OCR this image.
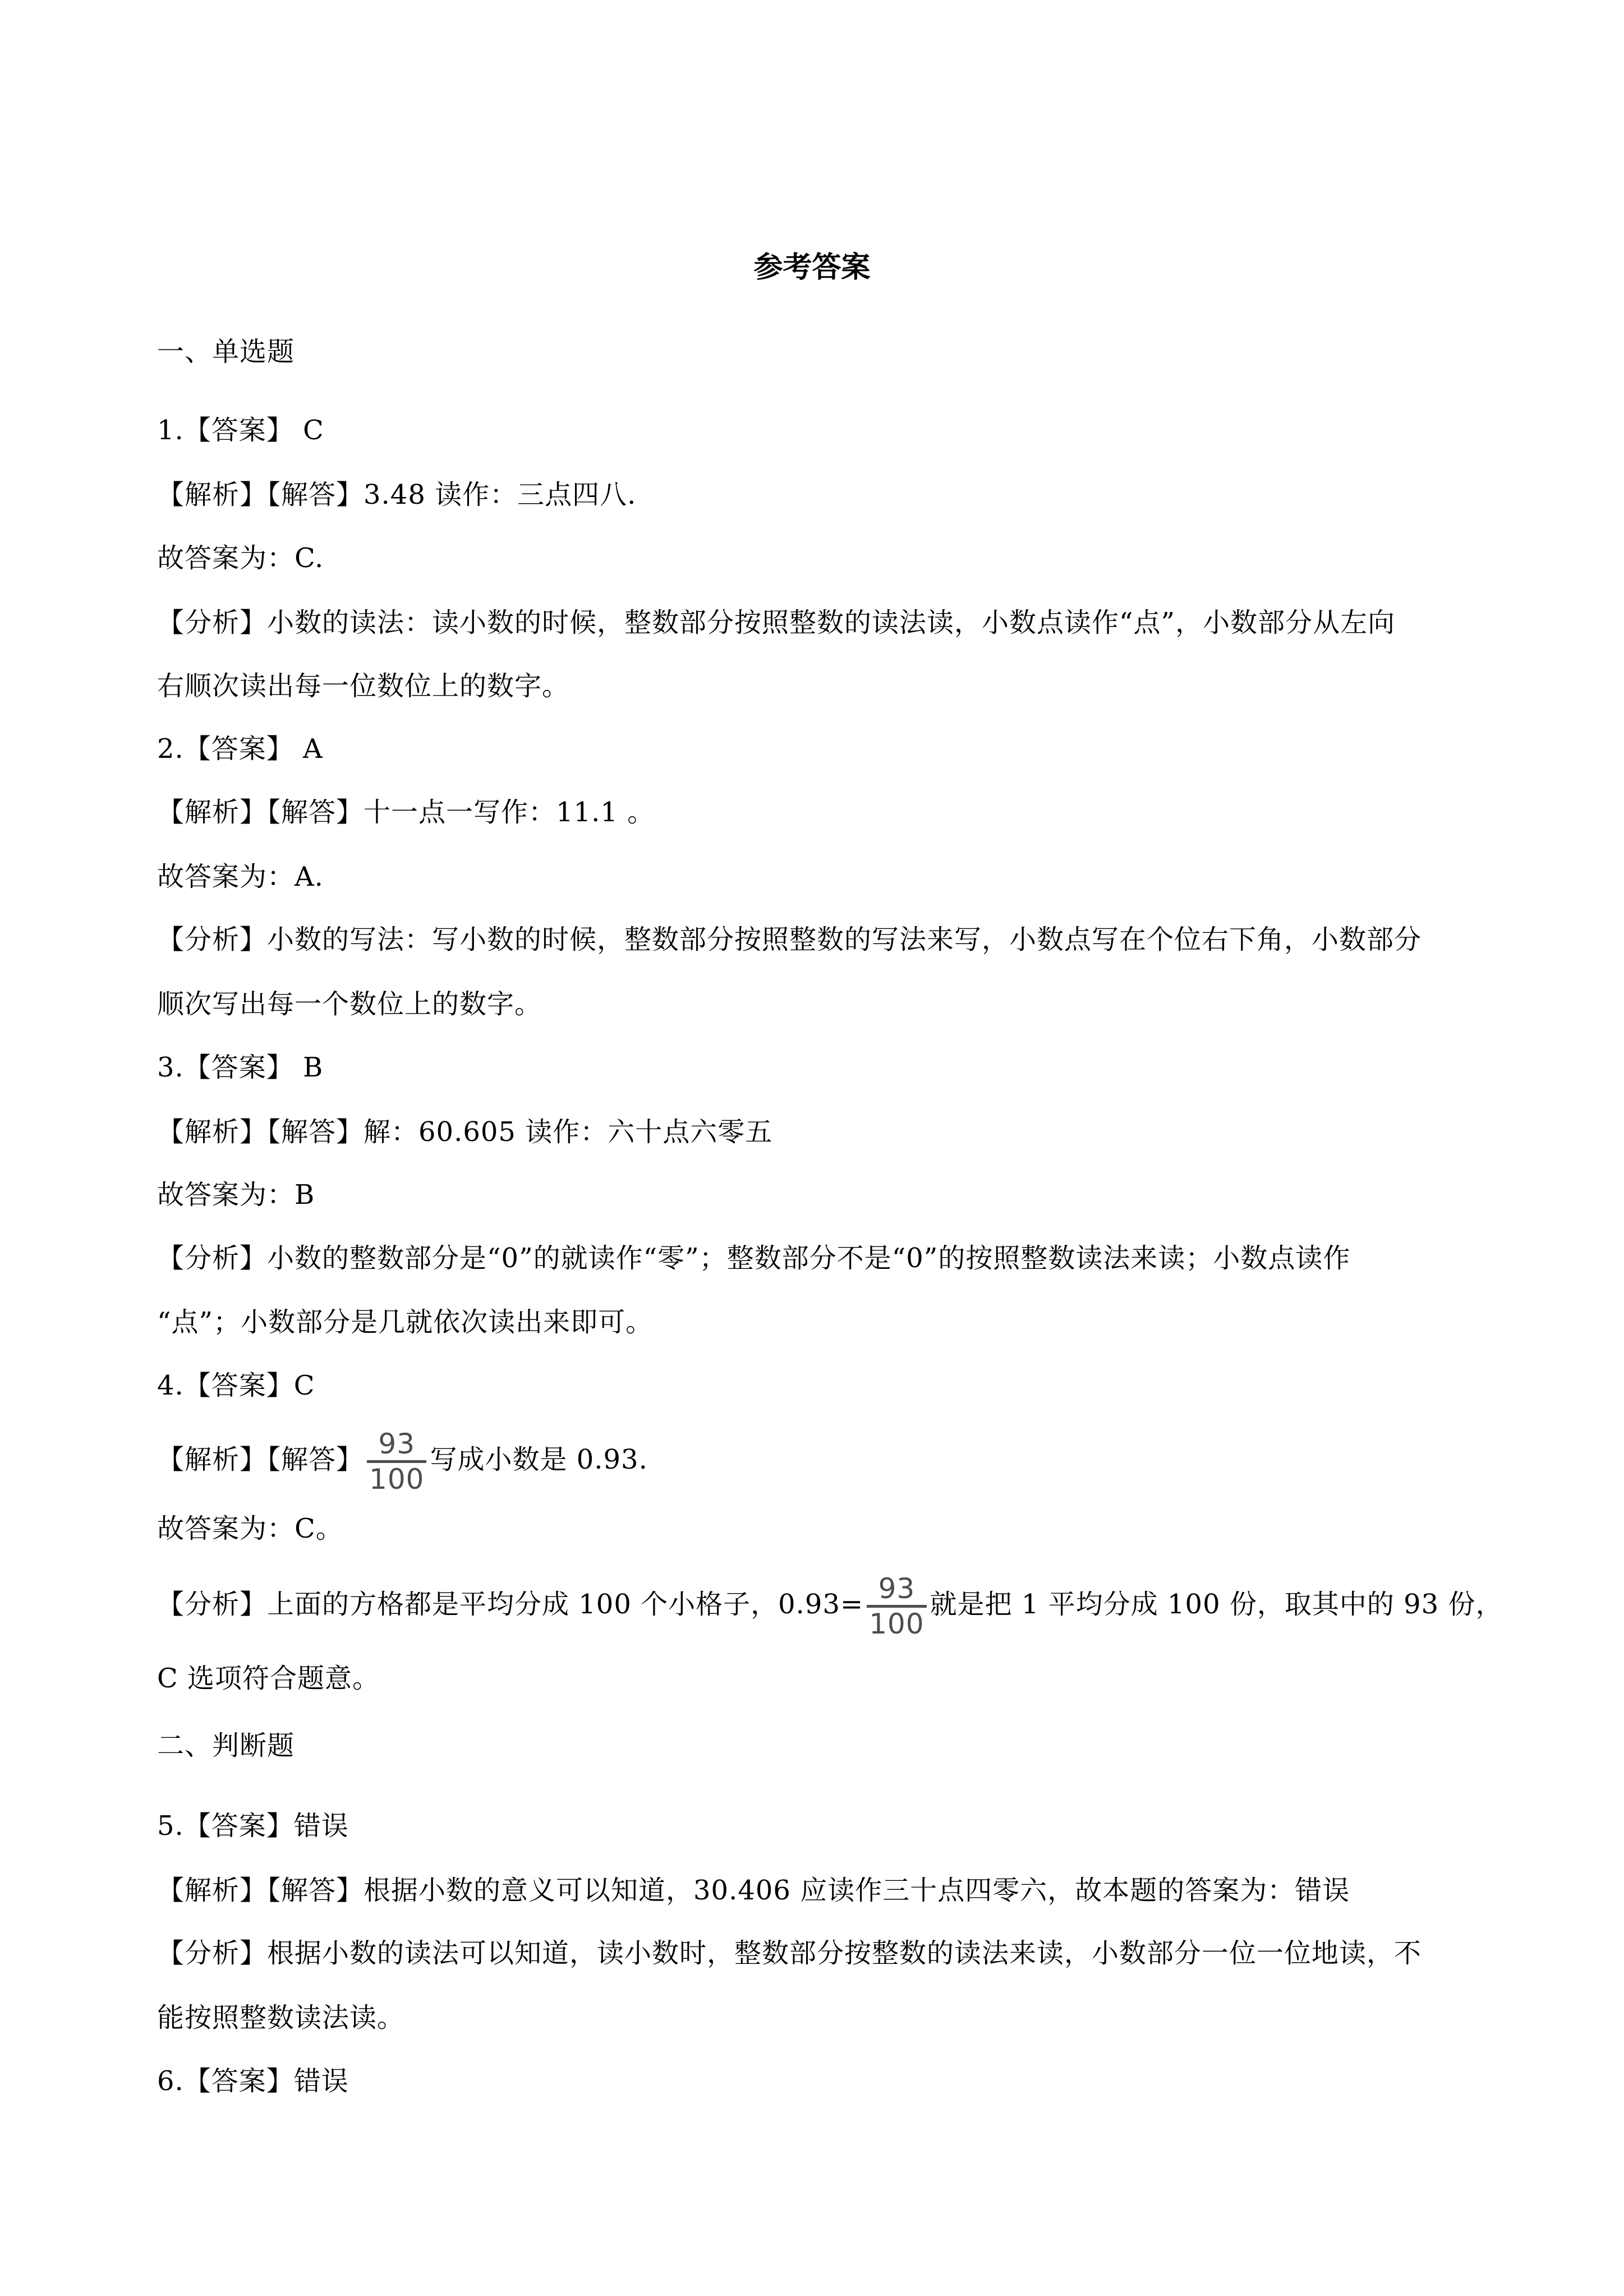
参考答案
一、单选题
1.【答案】 C
【解析】【解答】3.48 读作：三点四八.
故答案为：C.
【分析】小数的读法：读小数的时候，整数部分按照整数的读法读，小数点读作“点”，小数部分从左向
右顺次读出每一位数位上的数字。
2.【答案】 A
【解析】【解答】十一点一写作：11.1 。
故答案为：A.
【分析】小数的写法：写小数的时候，整数部分按照整数的写法来写，小数点写在个位右下角，小数部分
顺次写出每一个数位上的数字。
3.【答案】 B
【解析】【解答】解：60.605 读作：六十点六零五
故答案为：B
【分析】小数的整数部分是“0”的就读作“零”；整数部分不是“0”的按照整数读法来读；小数点读作
“点”；小数部分是几就依次读出来即可。
4.【答案】C
【解析】【解答】 93
100
写成小数是 0.93.
故答案为：C。
【分析】上面的方格都是平均分成 100 个小格子，0.93= 93
100
就是把 1 平均分成 100 份，取其中的 93 份，
C 选项符合题意。
二、判断题
5.【答案】错误
【解析】【解答】根据小数的意义可以知道，30.406 应读作三十点四零六，故本题的答案为：错误
【分析】根据小数的读法可以知道，读小数时，整数部分按整数的读法来读，小数部分一位一位地读，不
能按照整数读法读。
6.【答案】错误
